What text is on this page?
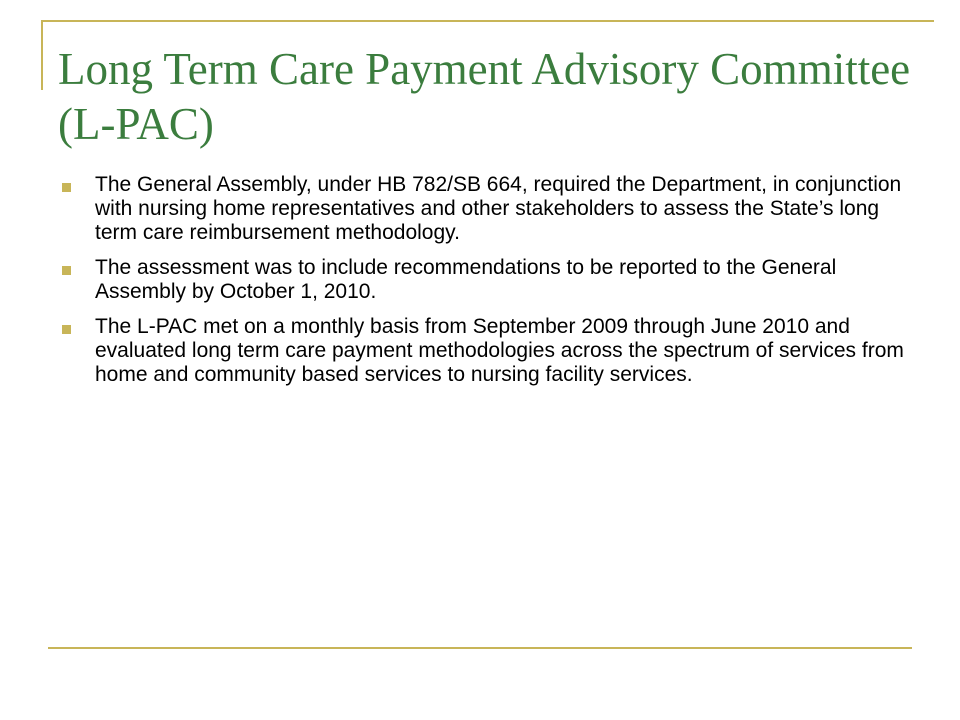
Long Term Care Payment Advisory Committee (L-PAC)
The General Assembly, under HB 782/SB 664, required the Department, in conjunction with nursing home representatives and other stakeholders to assess the State’s long term care reimbursement methodology.
The assessment was to include recommendations to be reported to the General Assembly by October 1, 2010.
The L-PAC met on a monthly basis from September 2009 through June 2010 and evaluated long term care payment methodologies across the spectrum of services from home and community based services to nursing facility services.
